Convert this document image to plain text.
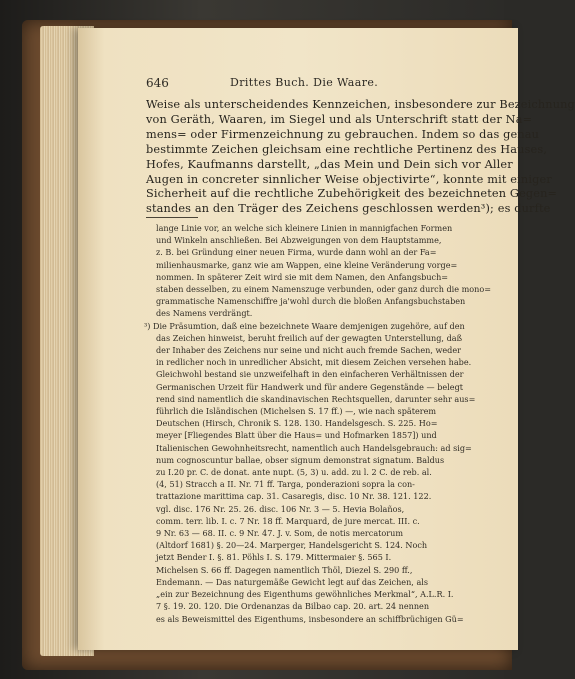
646	Drittes Buch. Die Waare.
Weise als unterscheidendes Kennzeichen, insbesondere zur Bezeichnung
von Geräth, Waaren, im Siegel und als Unterschrift statt der Na=
mens= oder Firmenzeichnung zu gebrauchen. Indem so das genau
bestimmte Zeichen gleichsam eine rechtliche Pertinenz des Hauses,
Hofes, Kaufmanns darstellt, „das Mein und Dein sich vor Aller
Augen in concreter sinnlicher Weise objectivirte“, konnte mit einiger
Sicherheit auf die rechtliche Zubehörigkeit des bezeichneten Gegen=
standes an den Träger des Zeichens geschlossen werden³); es durfte
lange Linie vor, an welche sich kleinere Linien in mannigfachen Formen
und Winkeln anschließen. Bei Abzweigungen von dem Hauptstamme,
z. B. bei Gründung einer neuen Firma, wurde dann wohl an der Fa=
milienhausmarke, ganz wie am Wappen, eine kleine Veränderung vorge=
nommen. In späterer Zeit wird sie mit dem Namen, den Anfangsbuch=
staben desselben, zu einem Namenszuge verbunden, oder ganz durch die mono=
grammatische Namenschiffre ja'wohl durch die bloßen Anfangsbuchstaben
des Namens verdrängt.
³) Die Präsumtion, daß eine bezeichnete Waare demjenigen zugehöre, auf den
das Zeichen hinweist, beruht freilich auf der gewagten Unterstellung, daß
der Inhaber des Zeichens nur seine und nicht auch fremde Sachen, weder
in redlicher noch in unredlicher Absicht, mit diesem Zeichen versehen habe.
Gleichwohl bestand sie unzweifelhaft in den einfacheren Verhältnissen der
Germanischen Urzeit für Handwerk und für andere Gegenstände — belegt
rend sind namentlich die skandinavischen Rechtsquellen, darunter sehr aus=
führlich die Isländischen (Michelsen S. 17 ff.) —, wie nach späterem
Deutschen (Hirsch, Chronik S. 128. 130. Handelsgesch. S. 225. Ho=
meyer [Fliegendes Blatt über die Haus= und Hofmarken 1857]) und
Italienischen Gewohnheitsrecht, namentlich auch Handelsgebrauch: ad sig=
num cognoscuntur ballae, obser signum demonstrat signatum. Baldus
zu I.20 pr. C. de donat. ante nupt. (5, 3) u. add. zu l. 2 C. de reb. al.
(4, 51) Stracch a II. Nr. 71 ff. Targa, ponderazioni sopra la con-
trattazione marittima cap. 31. Casaregis, disc. 10 Nr. 38. 121. 122.
vgl. disc. 176 Nr. 25. 26. disc. 106 Nr. 3 — 5. Hevia Bolaños,
comm. terr. lib. I. c. 7 Nr. 18 ff. Marquard, de jure mercat. III. c.
9 Nr. 63 — 68. II. c. 9 Nr. 47. J. v. Som, de notis mercatorum
(Altdorf 1681) §. 20—24. Marperger, Handelsgericht S. 124. Noch
jetzt Bender I. §. 81. Pöhls I. S. 179. Mittermaier §. 565 I.
Michelsen S. 66 ff. Dagegen namentlich Thöl, Diezel S. 290 ff.,
Endemann. — Das naturgemäße Gewicht legt auf das Zeichen, als
„ein zur Bezeichnung des Eigenthums gewöhnliches Merkmal“, A.L.R. I.
7 §. 19. 20. 120. Die Ordenanzas da Bilbao cap. 20. art. 24 nennen
es als Beweismittel des Eigenthums, insbesondere an schiffbrüchigen Gü=
